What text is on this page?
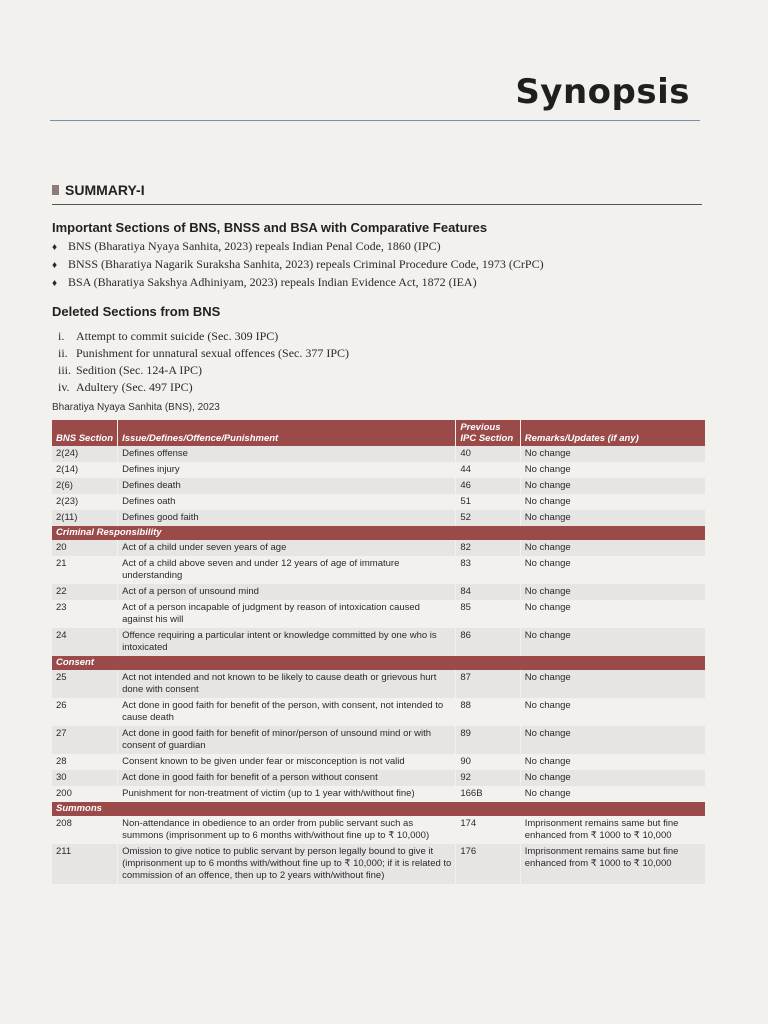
Synopsis
SUMMARY-I
Important Sections of BNS, BNSS and BSA with Comparative Features
♦ BNS (Bharatiya Nyaya Sanhita, 2023) repeals Indian Penal Code, 1860 (IPC)
♦ BNSS (Bharatiya Nagarik Suraksha Sanhita, 2023) repeals Criminal Procedure Code, 1973 (CrPC)
♦ BSA (Bharatiya Sakshya Adhiniyam, 2023) repeals Indian Evidence Act, 1872 (IEA)
Deleted Sections from BNS
i. Attempt to commit suicide (Sec. 309 IPC)
ii. Punishment for unnatural sexual offences (Sec. 377 IPC)
iii. Sedition (Sec. 124-A IPC)
iv. Adultery (Sec. 497 IPC)
Bharatiya Nyaya Sanhita (BNS), 2023
BNS Section	Issue/Defines/Offence/Punishment	Previous IPC Section	Remarks/Updates (if any)
2(24)	Defines offense	40	No change
2(14)	Defines injury	44	No change
2(6)	Defines death	46	No change
2(23)	Defines oath	51	No change
2(11)	Defines good faith	52	No change
Criminal Responsibility			
20	Act of a child under seven years of age	82	No change
21	Act of a child above seven and under 12 years of age of immature understanding	83	No change
22	Act of a person of unsound mind	84	No change
23	Act of a person incapable of judgment by reason of intoxication caused against his will	85	No change
24	Offence requiring a particular intent or knowledge committed by one who is intoxicated	86	No change
Consent			
25	Act not intended and not known to be likely to cause death or grievous hurt done with consent	87	No change
26	Act done in good faith for benefit of the person, with consent, not intended to cause death	88	No change
27	Act done in good faith for benefit of minor/person of unsound mind or with consent of guardian	89	No change
28	Consent known to be given under fear or misconception is not valid	90	No change
30	Act done in good faith for benefit of a person without consent	92	No change
200	Punishment for non-treatment of victim (up to 1 year with/without fine)	166B	No change
Summons			
208	Non-attendance in obedience to an order from public servant such as summons (imprisonment up to 6 months with/without fine up to ₹ 10,000)	174	Imprisonment remains same but fine enhanced from ₹ 1000 to ₹ 10,000
211	Omission to give notice to public servant by person legally bound to give it (imprisonment up to 6 months with/without fine up to ₹ 10,000; if it is related to commission of an offence, then up to 2 years with/without fine)	176	Imprisonment remains same but fine enhanced from ₹ 1000 to ₹ 10,000
